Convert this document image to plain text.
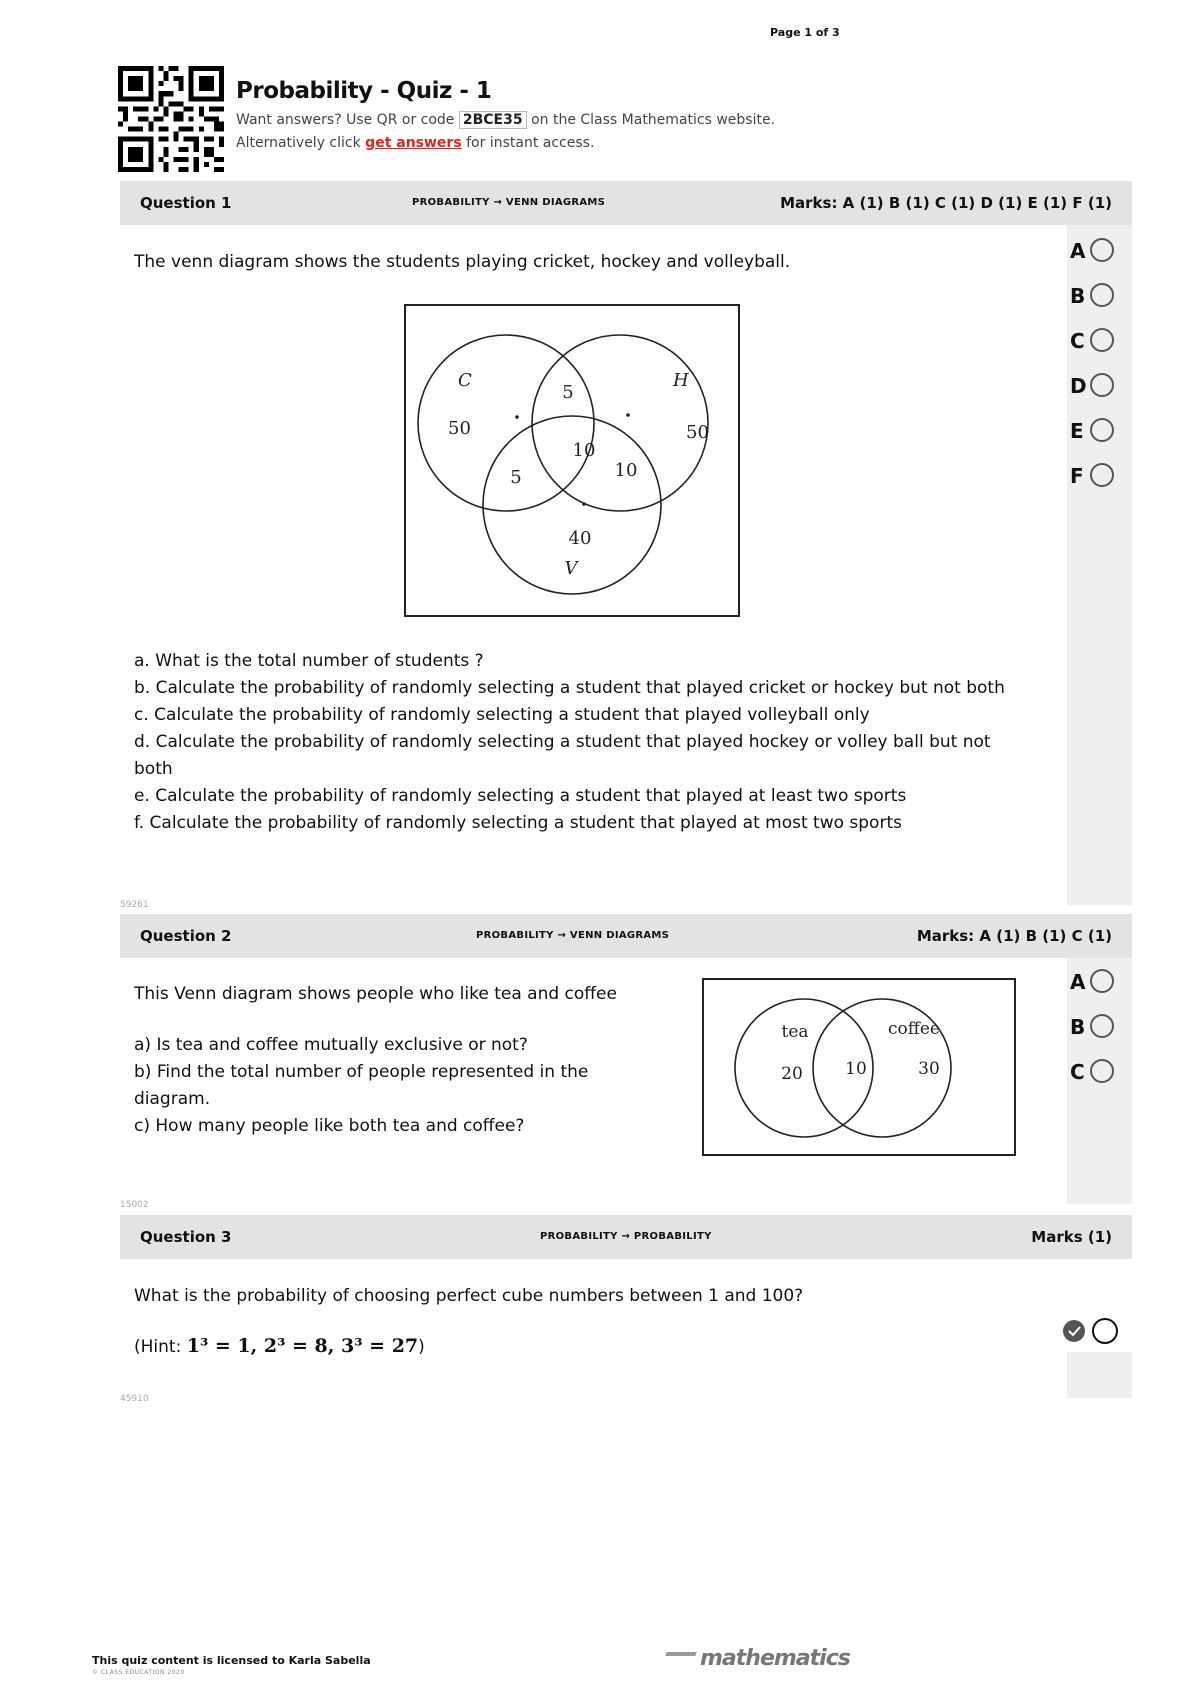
Page 1 of 3
Probability - Quiz - 1
Want answers? Use QR or code 2BCE35 on the Class Mathematics website.
Alternatively click get answers for instant access.
Question 1	PROBABILITY → VENN DIAGRAMS	Marks: A (1) B (1) C (1) D (1) E (1) F (1)
The venn diagram shows the students playing cricket, hockey and volleyball.
C	H
V
50
5
50
10
5	10
40
a. What is the total number of students ?
b. Calculate the probability of randomly selecting a student that played cricket or hockey but not both
c. Calculate the probability of randomly selecting a student that played volleyball only
d. Calculate the probability of randomly selecting a student that played hockey or volley ball but not both
e. Calculate the probability of randomly selecting a student that played at least two sports
f. Calculate the probability of randomly selecting a student that played at most two sports
A
B
C
D
E
F
59261
Question 2	PROBABILITY → VENN DIAGRAMS	Marks: A (1) B (1) C (1)
This Venn diagram shows people who like tea and coffee
a) Is tea and coffee mutually exclusive or not?
b) Find the total number of people represented in the diagram.
c) How many people like both tea and coffee?
tea	coffee
20 10	30
A
B
C
15002
Question 3	PROBABILITY → PROBABILITY	Marks (1)
What is the probability of choosing perfect cube numbers between 1 and 100?
(Hint: 1³ = 1, 2³ = 8, 3³ = 27)
45910
This quiz content is licensed to Karla Sabella
© CLASS EDUCATION 2020
mathematics
